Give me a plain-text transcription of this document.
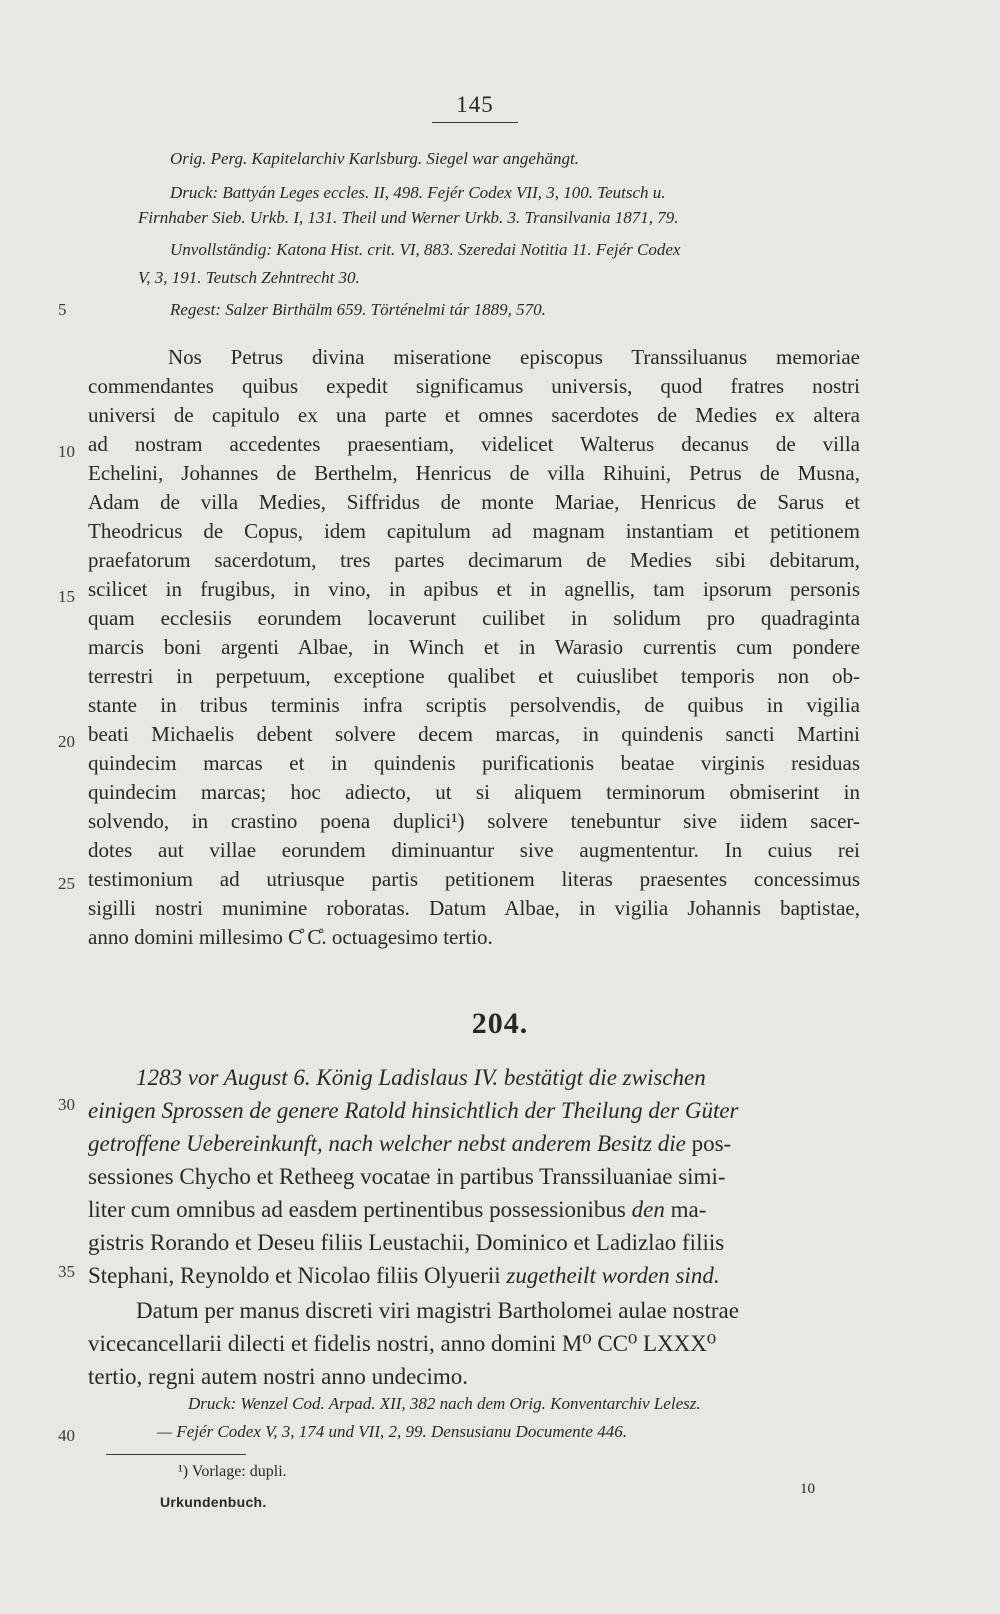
145
5
10
15
20
25
30
35
40
Orig. Perg. Kapitelarchiv Karlsburg. Siegel war angehängt.
Druck: Battyán Leges eccles. II, 498. Fejér Codex VII, 3, 100. Teutsch u.
Firnhaber Sieb. Urkb. I, 131. Theil und Werner Urkb. 3. Transilvania 1871, 79.
Unvollständig: Katona Hist. crit. VI, 883. Szeredai Notitia 11. Fejér Codex
V, 3, 191. Teutsch Zehntrecht 30.
Regest: Salzer Birthälm 659. Történelmi tár 1889, 570.
Nos Petrus divina miseratione episcopus Transsiluanus memoriae
commendantes quibus expedit significamus universis, quod fratres nostri
universi de capitulo ex una parte et omnes sacerdotes de Medies ex altera
ad nostram accedentes praesentiam, videlicet Walterus decanus de villa
Echelini, Johannes de Berthelm, Henricus de villa Rihuini, Petrus de Musna,
Adam de villa Medies, Siffridus de monte Mariae, Henricus de Sarus et
Theodricus de Copus, idem capitulum ad magnam instantiam et petitionem
praefatorum sacerdotum, tres partes decimarum de Medies sibi debitarum,
scilicet in frugibus, in vino, in apibus et in agnellis, tam ipsorum personis
quam ecclesiis eorundem locaverunt cuilibet in solidum pro quadraginta
marcis boni argenti Albae, in Winch et in Warasio currentis cum pondere
terrestri in perpetuum, exceptione qualibet et cuiuslibet temporis non ob-
stante in tribus terminis infra scriptis persolvendis, de quibus in vigilia
beati Michaelis debent solvere decem marcas, in quindenis sancti Martini
quindecim marcas et in quindenis purificationis beatae virginis residuas
quindecim marcas; hoc adiecto, ut si aliquem terminorum obmiserint in
solvendo, in crastino poena duplici¹) solvere tenebuntur sive iidem sacer-
dotes aut villae eorundem diminuantur sive augmententur. In cuius rei
testimonium ad utriusque partis petitionem literas praesentes concessimus
sigilli nostri munimine roboratas. Datum Albae, in vigilia Johannis baptistae,
anno domini millesimo C̊ C̊. octuagesimo tertio.
204.
1283 vor August 6. König Ladislaus IV. bestätigt die zwischen
einigen Sprossen de genere Ratold hinsichtlich der Theilung der Güter
getroffene Uebereinkunft, nach welcher nebst anderem Besitz die pos-
sessiones Chycho et Retheeg vocatae in partibus Transsiluaniae simi-
liter cum omnibus ad easdem pertinentibus possessionibus den ma-
gistris Rorando et Deseu filiis Leustachii, Dominico et Ladizlao filiis
Stephani, Reynoldo et Nicolao filiis Olyuerii zugetheilt worden sind.
Datum per manus discreti viri magistri Bartholomei aulae nostrae
vicecancellarii dilecti et fidelis nostri, anno domini M⁰ CC⁰ LXXX⁰
tertio, regni autem nostri anno undecimo.
Druck: Wenzel Cod. Arpad. XII, 382 nach dem Orig. Konventarchiv Lelesz.
— Fejér Codex V, 3, 174 und VII, 2, 99. Densusianu Documente 446.
¹) Vorlage: dupli.
Urkundenbuch.
10
